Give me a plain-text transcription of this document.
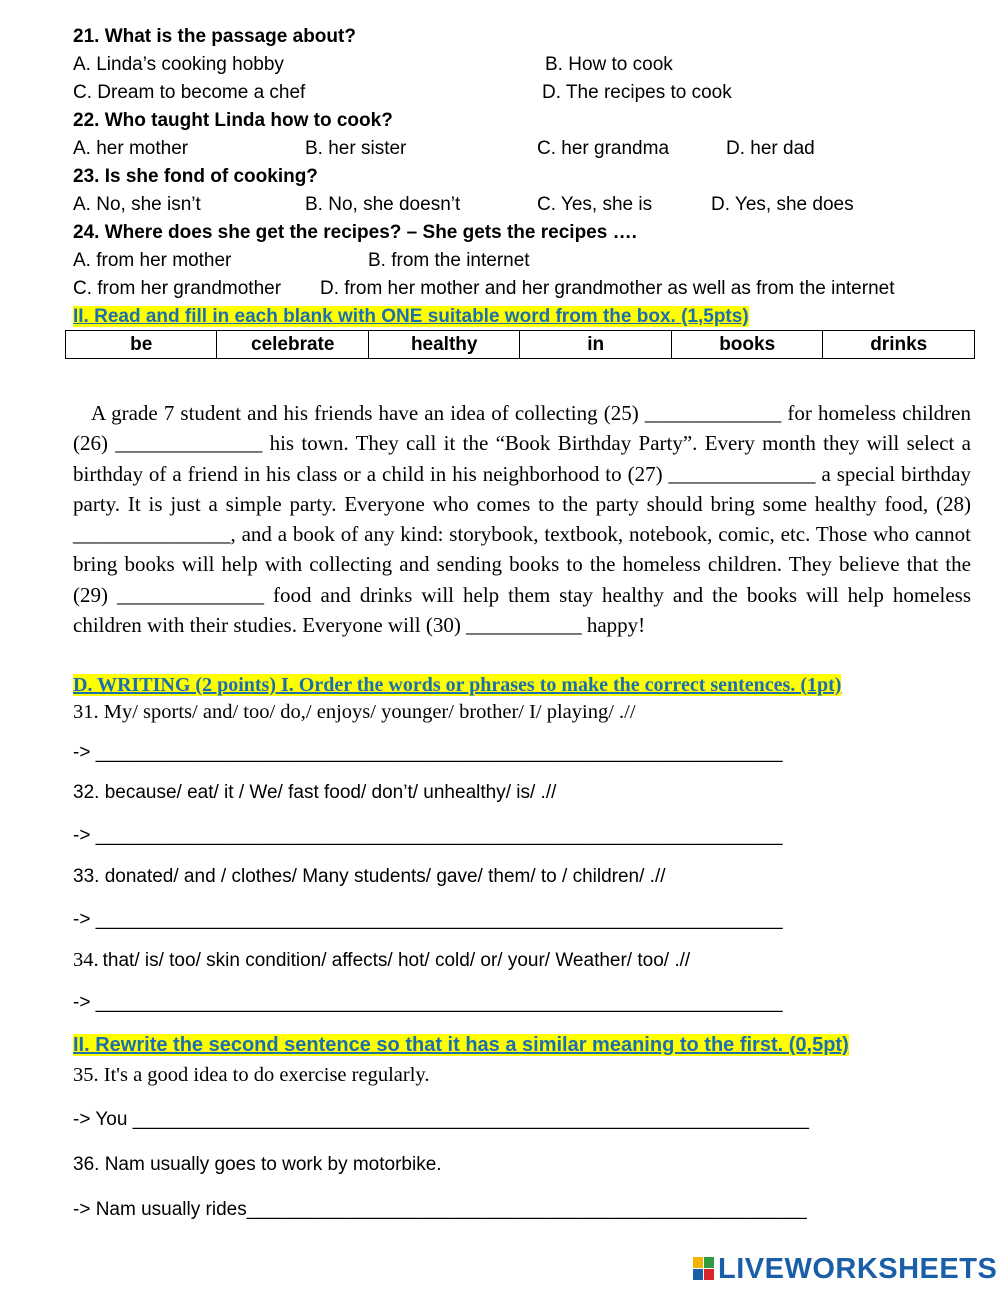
21. What is the passage about?
A. Linda’s cooking hobby	B. How to cook
C. Dream to become a chef	D. The recipes to cook
22. Who taught Linda how to cook?
A. her mother	B. her sister	C. her grandma	D. her dad
23. Is she fond of cooking?
A. No, she isn’t	B. No, she doesn’t	C. Yes, she is	D. Yes, she does
24. Where does she get the recipes? – She gets the recipes ….
A. from her mother	B. from the internet
C. from her grandmother D. from her mother and her grandmother as well as from the internet
II. Read and fill in each blank with ONE suitable word from the box. (1,5pts)
be	celebrate	healthy	in	books	drinks
A grade 7 student and his friends have an idea of collecting (25) _____________ for homeless children (26) ______________ his town. They call it the “Book Birthday Party”. Every month they will select a birthday of a friend in his class or a child in his neighborhood to (27) ______________ a special birthday party. It is just a simple party. Everyone who comes to the party should bring some healthy food, (28) _______________, and a book of any kind: storybook, textbook, notebook, comic, etc. Those who cannot bring books will help with collecting and sending books to the homeless children. They believe that the (29) ______________ food and drinks will help them stay healthy and the books will help homeless children with their studies. Everyone will (30) ___________ happy!
D. WRITING (2 points) I. Order the words or phrases to make the correct sentences. (1pt)
31. My/ sports/ and/ too/ do,/ enjoys/ younger/ brother/ I/ playing/ .//
-> _________________________________________________________________
32. because/ eat/ it / We/ fast food/ don’t/ unhealthy/ is/ .//
-> _________________________________________________________________
33. donated/ and / clothes/ Many students/ gave/ them/ to / children/ .//
-> _________________________________________________________________
34. that/ is/ too/ skin condition/ affects/ hot/ cold/ or/ your/ Weather/ too/ .//
-> _________________________________________________________________
II. Rewrite the second sentence so that it has a similar meaning to the first. (0,5pt)
35. It's a good idea to do exercise regularly.
-> You ________________________________________________________________
36. Nam usually goes to work by motorbike.
-> Nam usually rides_____________________________________________________
LIVEWORKSHEETS
